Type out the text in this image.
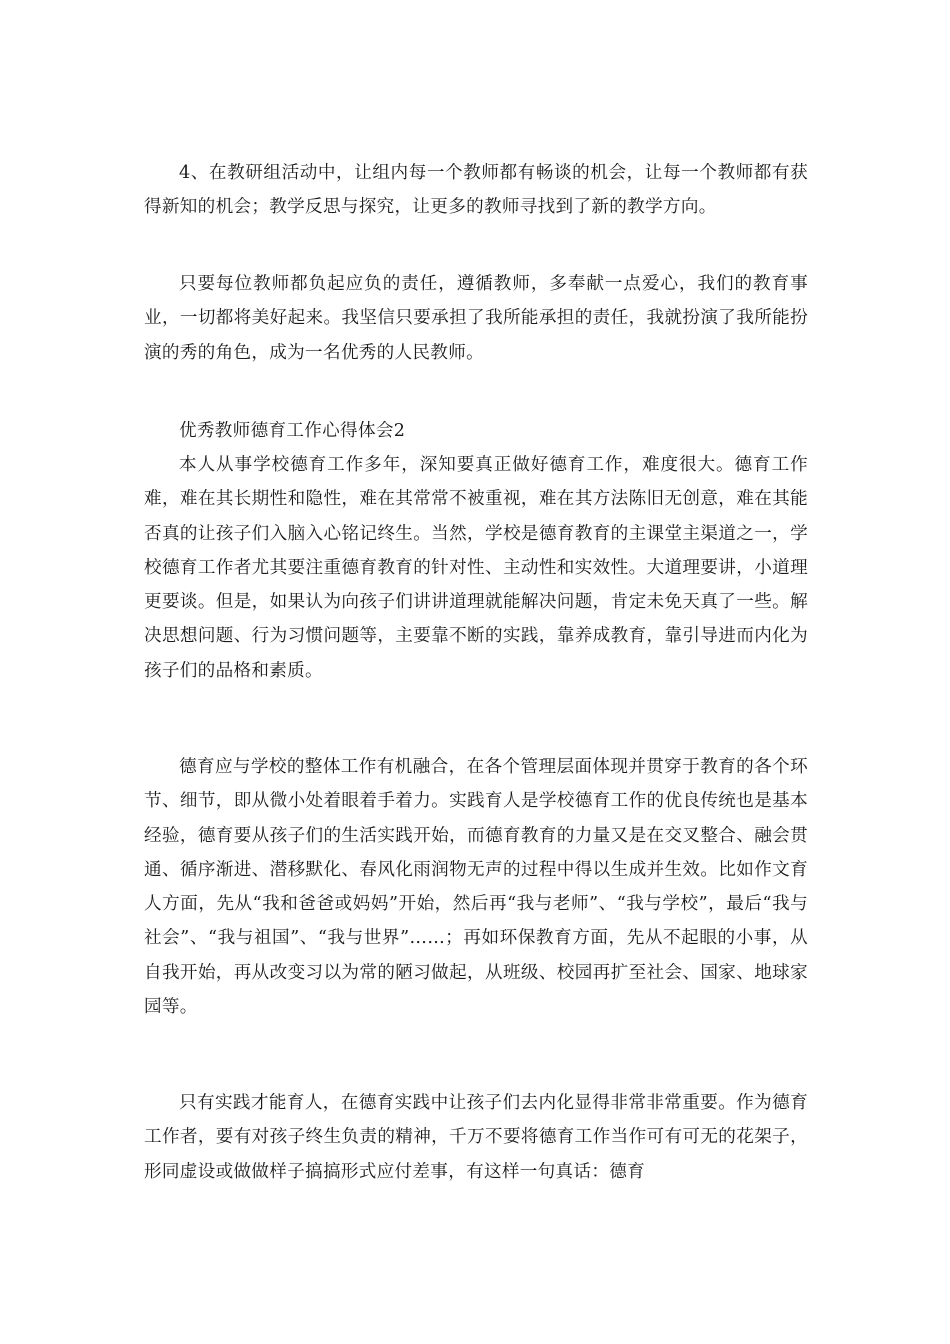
4、在教研组活动中，让组内每一个教师都有畅谈的机会，让每一个教师都有获得新知的机会；教学反思与探究，让更多的教师寻找到了新的教学方向。

只要每位教师都负起应负的责任，遵循教师，多奉献一点爱心，我们的教育事业，一切都将美好起来。我坚信只要承担了我所能承担的责任，我就扮演了我所能扮演的秀的角色，成为一名优秀的人民教师。

优秀教师德育工作心得体会2

本人从事学校德育工作多年，深知要真正做好德育工作，难度很大。德育工作难，难在其长期性和隐性，难在其常常不被重视，难在其方法陈旧无创意，难在其能否真的让孩子们入脑入心铭记终生。当然，学校是德育教育的主课堂主渠道之一，学校德育工作者尤其要注重德育教育的针对性、主动性和实效性。大道理要讲，小道理更要谈。但是，如果认为向孩子们讲讲道理就能解决问题，肯定未免天真了一些。解决思想问题、行为习惯问题等，主要靠不断的实践，靠养成教育，靠引导进而内化为孩子们的品格和素质。

德育应与学校的整体工作有机融合，在各个管理层面体现并贯穿于教育的各个环节、细节，即从微小处着眼着手着力。实践育人是学校德育工作的优良传统也是基本经验，德育要从孩子们的生活实践开始，而德育教育的力量又是在交叉整合、融会贯通、循序渐进、潜移默化、春风化雨润物无声的过程中得以生成并生效。比如作文育人方面，先从“我和爸爸或妈妈”开始，然后再“我与老师”、“我与学校”，最后“我与社会”、“我与祖国”、“我与世界”……；再如环保教育方面，先从不起眼的小事，从自我开始，再从改变习以为常的陋习做起，从班级、校园再扩至社会、国家、地球家园等。

只有实践才能育人，在德育实践中让孩子们去内化显得非常非常重要。作为德育工作者，要有对孩子终生负责的精神，千万不要将德育工作当作可有可无的花架子，形同虚设或做做样子搞搞形式应付差事，有这样一句真话：德育
